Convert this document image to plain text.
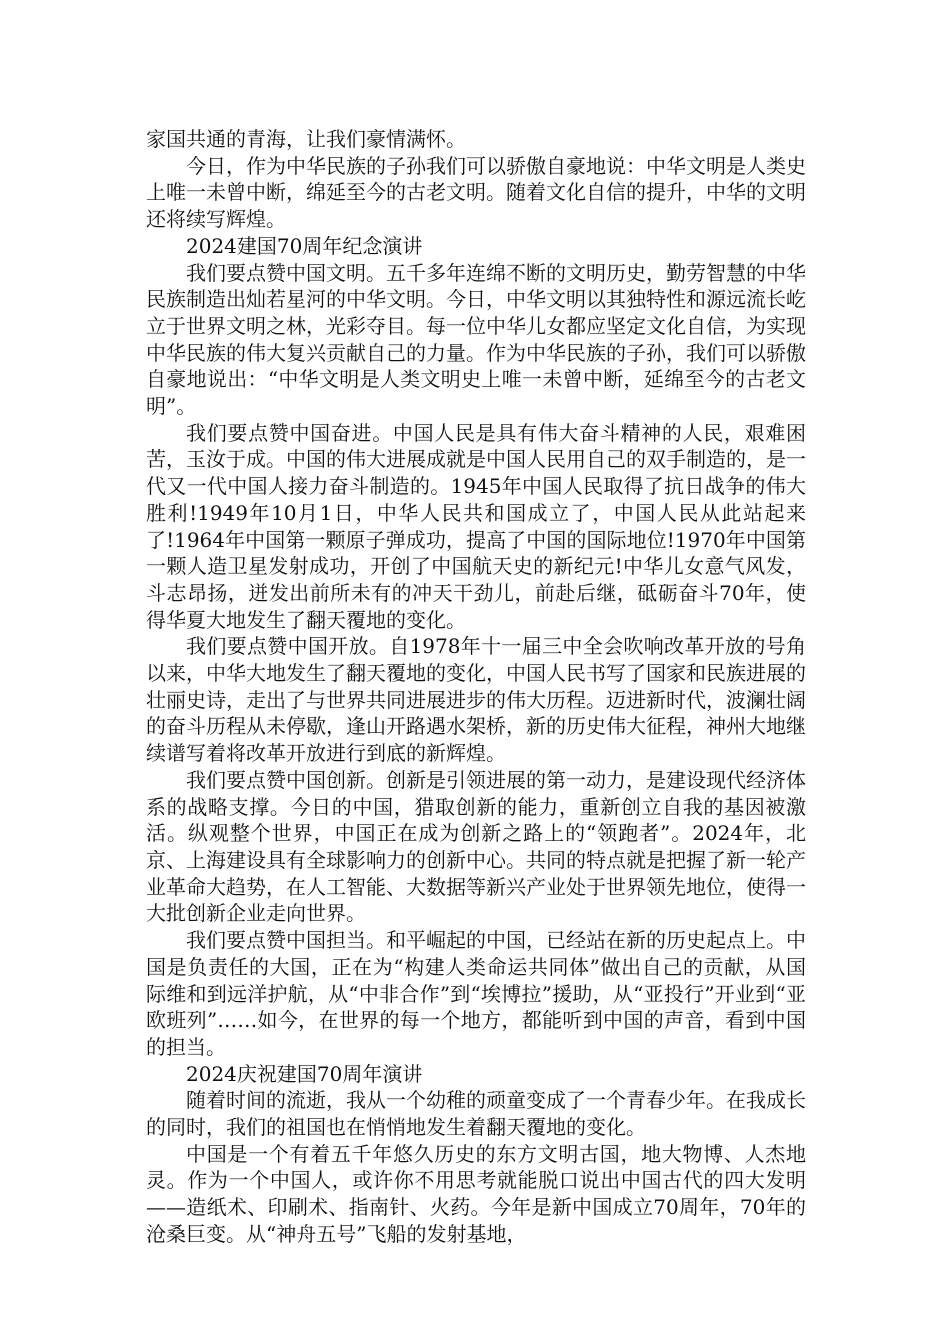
家国共通的青海，让我们豪情满怀。

今日，作为中华民族的子孙我们可以骄傲自豪地说：中华文明是人类史上唯一未曾中断，绵延至今的古老文明。随着文化自信的提升，中华的文明还将续写辉煌。

2024建国70周年纪念演讲

我们要点赞中国文明。五千多年连绵不断的文明历史，勤劳智慧的中华民族制造出灿若星河的中华文明。今日，中华文明以其独特性和源远流长屹立于世界文明之林，光彩夺目。每一位中华儿女都应坚定文化自信，为实现中华民族的伟大复兴贡献自己的力量。作为中华民族的子孙，我们可以骄傲自豪地说出：“中华文明是人类文明史上唯一未曾中断，延绵至今的古老文明”。

我们要点赞中国奋进。中国人民是具有伟大奋斗精神的人民，艰难困苦，玉汝于成。中国的伟大进展成就是中国人民用自己的双手制造的，是一代又一代中国人接力奋斗制造的。1945年中国人民取得了抗日战争的伟大胜利!1949年10月1日，中华人民共和国成立了，中国人民从此站起来了!1964年中国第一颗原子弹成功，提高了中国的国际地位!1970年中国第一颗人造卫星发射成功，开创了中国航天史的新纪元!中华儿女意气风发，斗志昂扬，迸发出前所未有的冲天干劲儿，前赴后继，砥砺奋斗70年，使得华夏大地发生了翻天覆地的变化。

我们要点赞中国开放。自1978年十一届三中全会吹响改革开放的号角以来，中华大地发生了翻天覆地的变化，中国人民书写了国家和民族进展的壮丽史诗，走出了与世界共同进展进步的伟大历程。迈进新时代，波澜壮阔的奋斗历程从未停歇，逢山开路遇水架桥，新的历史伟大征程，神州大地继续谱写着将改革开放进行到底的新辉煌。

我们要点赞中国创新。创新是引领进展的第一动力，是建设现代经济体系的战略支撑。今日的中国，猎取创新的能力，重新创立自我的基因被激活。纵观整个世界，中国正在成为创新之路上的“领跑者”。2024年，北京、上海建设具有全球影响力的创新中心。共同的特点就是把握了新一轮产业革命大趋势，在人工智能、大数据等新兴产业处于世界领先地位，使得一大批创新企业走向世界。

我们要点赞中国担当。和平崛起的中国，已经站在新的历史起点上。中国是负责任的大国，正在为“构建人类命运共同体”做出自己的贡献，从国际维和到远洋护航，从“中非合作”到“埃博拉”援助，从“亚投行”开业到“亚欧班列”……如今，在世界的每一个地方，都能听到中国的声音，看到中国的担当。

2024庆祝建国70周年演讲

随着时间的流逝，我从一个幼稚的顽童变成了一个青春少年。在我成长的同时，我们的祖国也在悄悄地发生着翻天覆地的变化。

中国是一个有着五千年悠久历史的东方文明古国，地大物博、人杰地灵。作为一个中国人，或许你不用思考就能脱口说出中国古代的四大发明——造纸术、印刷术、指南针、火药。今年是新中国成立70周年，70年的沧桑巨变。从“神舟五号”飞船的发射基地，
